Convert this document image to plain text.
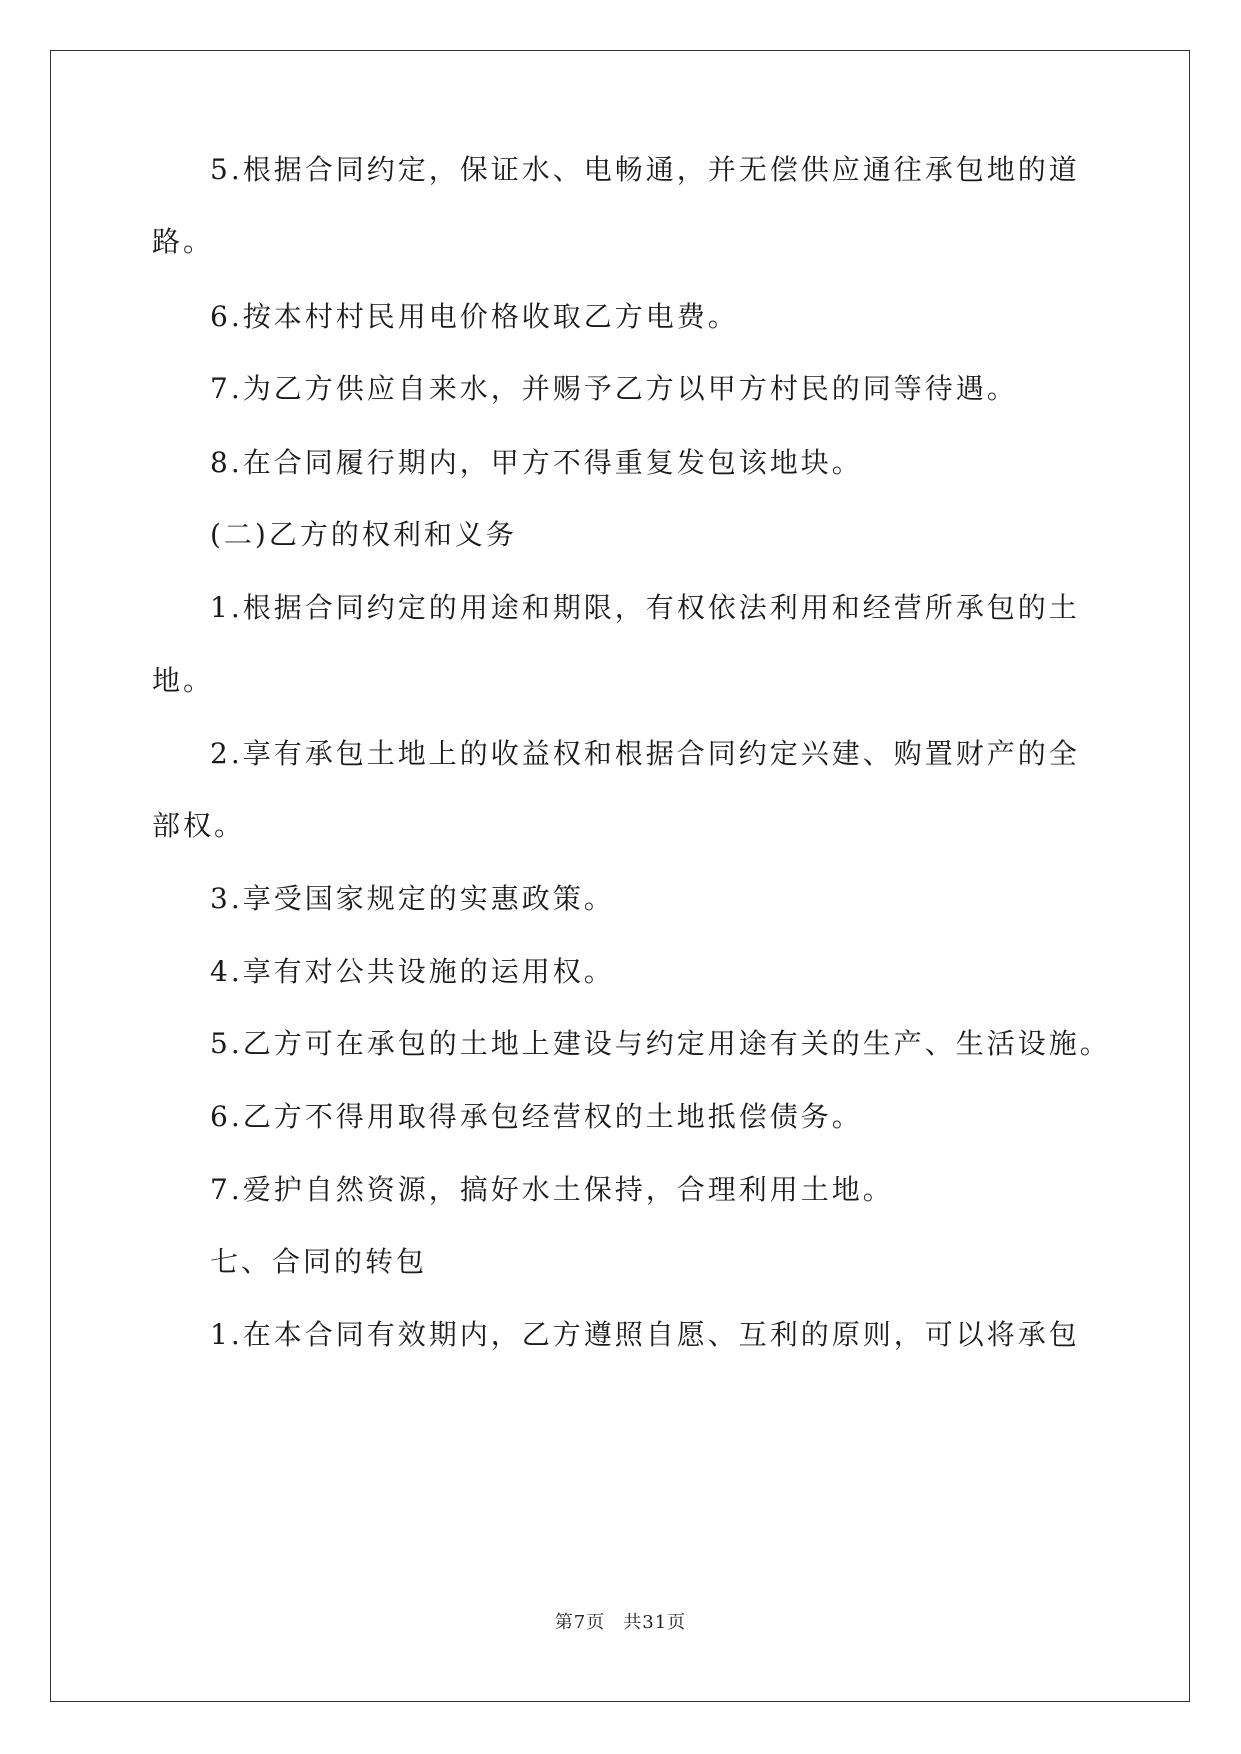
5.根据合同约定，保证水、电畅通，并无偿供应通往承包地的道
路。
6.按本村村民用电价格收取乙方电费。
7.为乙方供应自来水，并赐予乙方以甲方村民的同等待遇。
8.在合同履行期内，甲方不得重复发包该地块。
(二)乙方的权利和义务
1.根据合同约定的用途和期限，有权依法利用和经营所承包的土
地。
2.享有承包土地上的收益权和根据合同约定兴建、购置财产的全
部权。
3.享受国家规定的实惠政策。
4.享有对公共设施的运用权。
5.乙方可在承包的土地上建设与约定用途有关的生产、生活设施。
6.乙方不得用取得承包经营权的土地抵偿债务。
7.爱护自然资源，搞好水土保持，合理利用土地。
七、合同的转包
1.在本合同有效期内，乙方遵照自愿、互利的原则，可以将承包
第7页 共31页
